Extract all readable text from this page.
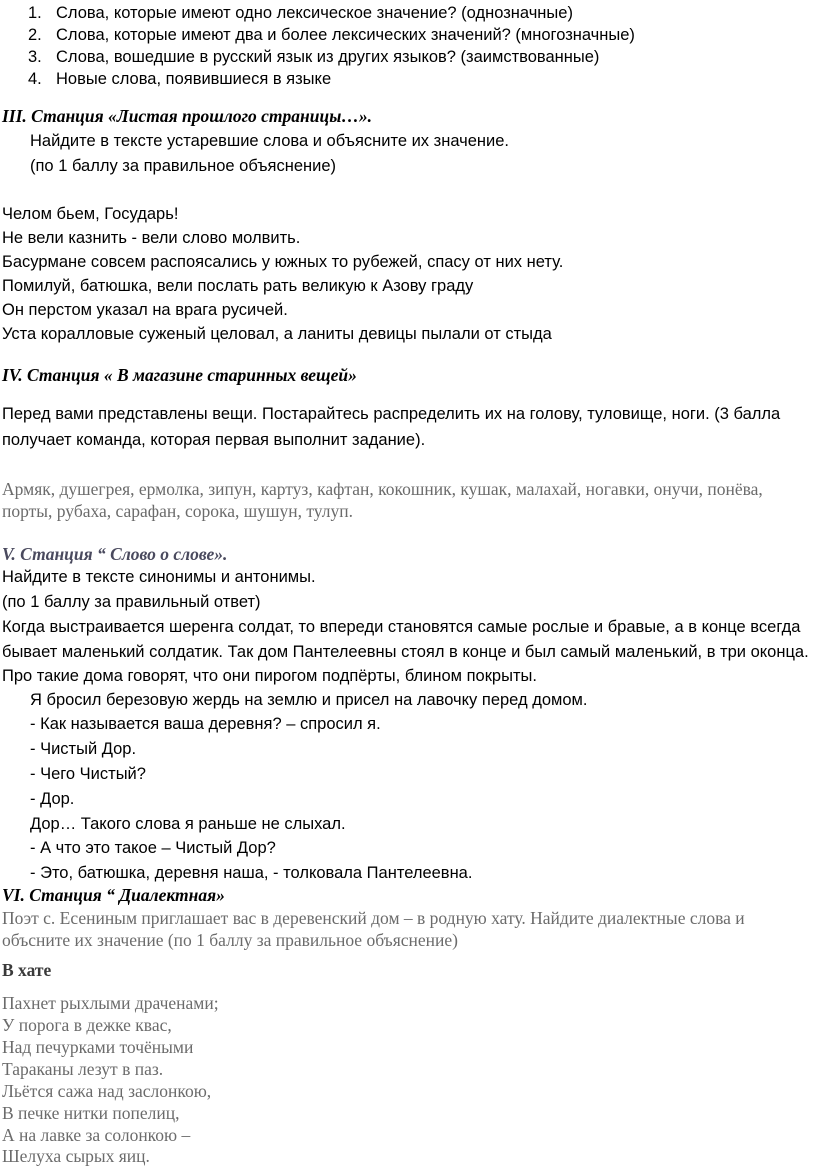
1. Слова, которые имеют одно лексическое значение? (однозначные)
2. Слова, которые имеют два и более лексических значений? (многозначные)
3. Слова, вошедшие в русский язык из других языков? (заимствованные)
4. Новые слова, появившиеся в языке
III. Станция «Листая прошлого страницы…».
Найдите в тексте устаревшие слова и объясните их значение.
(по 1 баллу за правильное объяснение)
Челом бьем, Государь!
Не вели казнить - вели слово молвить.
Басурмане совсем распоясались у южных то рубежей, спасу от них нету.
Помилуй, батюшка, вели послать рать великую к Азову граду
Он перстом указал на врага русичей.
Уста коралловые суженый целовал, а ланиты девицы пылали от стыда
IV. Станция « В магазине старинных вещей»
Перед вами представлены вещи. Постарайтесь распределить их на голову, туловище, ноги. (3 балла
получает команда, которая первая выполнит задание).
Армяк, душегрея, ермолка, зипун, картуз, кафтан, кокошник, кушак, малахай, ногавки, онучи, понёва,
порты, рубаха, сарафан, сорока, шушун, тулуп.
V. Станция “ Слово о слове».
Найдите в тексте синонимы и антонимы.
(по 1 баллу за правильный ответ)
Когда выстраивается шеренга солдат, то впереди становятся самые рослые и бравые, а в конце всегда
бывает маленький солдатик. Так дом Пантелеевны стоял в конце и был самый маленький, в три оконца.
Про такие дома говорят, что они пирогом подпёрты, блином покрыты.
Я бросил березовую жердь на землю и присел на лавочку перед домом.
- Как называется ваша деревня? – спросил я.
- Чистый Дор.
- Чего Чистый?
- Дор.
Дор… Такого слова я раньше не слыхал.
- А что это такое – Чистый Дор?
- Это, батюшка, деревня наша, - толковала Пантелеевна.
VI. Станция “ Диалектная»
Поэт с. Есениным приглашает вас в деревенский дом – в родную хату. Найдите диалектные слова и
объсните их значение (по 1 баллу за правильное объяснение)
В хате
Пахнет рыхлыми драченами;
У порога в дежке квас,
Над печурками точёными
Тараканы лезут в паз.
Льётся сажа над заслонкою,
В печке нитки попелиц,
А на лавке за солонкою –
Шелуха сырых яиц.
